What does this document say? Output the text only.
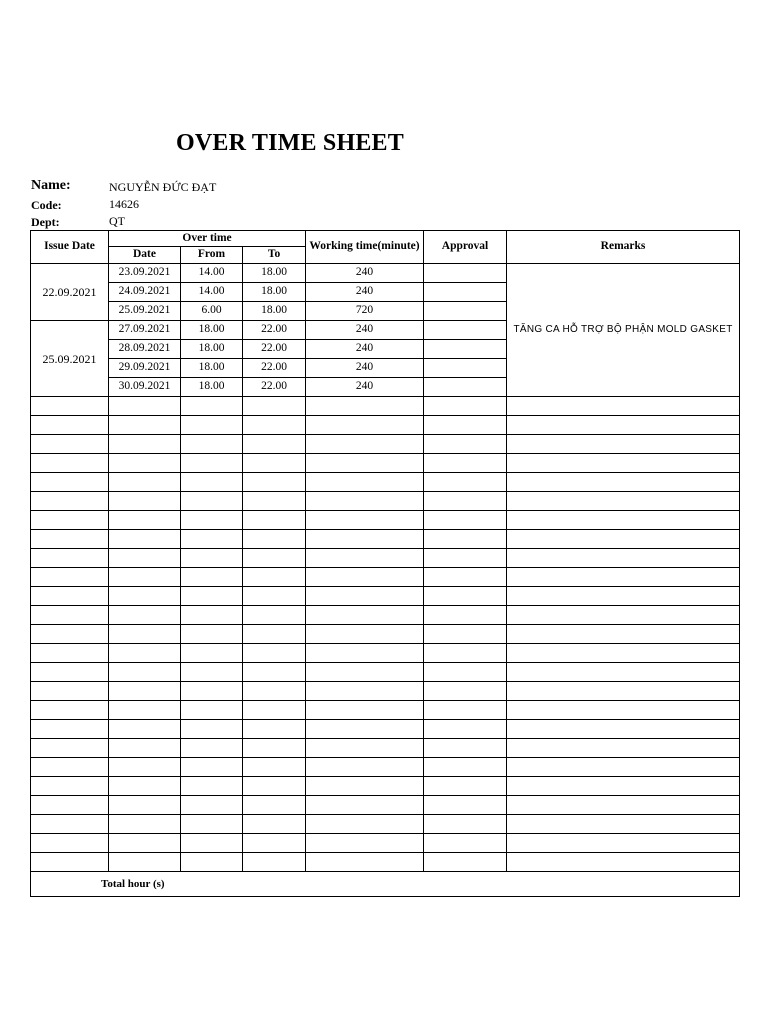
OVER TIME SHEET
Name:	NGUYỄN ĐỨC ĐẠT
Code:	14626
Dept:	QT
Issue Date	Over time			Working time(minute)	Approval	Remarks
	Date	From	To			
22.09.2021	23.09.2021	14.00	18.00	240		TĂNG CA HỖ TRỢ BỘ PHẬN MOLD GASKET
	24.09.2021	14.00	18.00	240		
	25.09.2021	6.00	18.00	720		
25.09.2021	27.09.2021	18.00	22.00	240		
	28.09.2021	18.00	22.00	240		
	29.09.2021	18.00	22.00	240		
	30.09.2021	18.00	22.00	240		

Total hour (s)						
